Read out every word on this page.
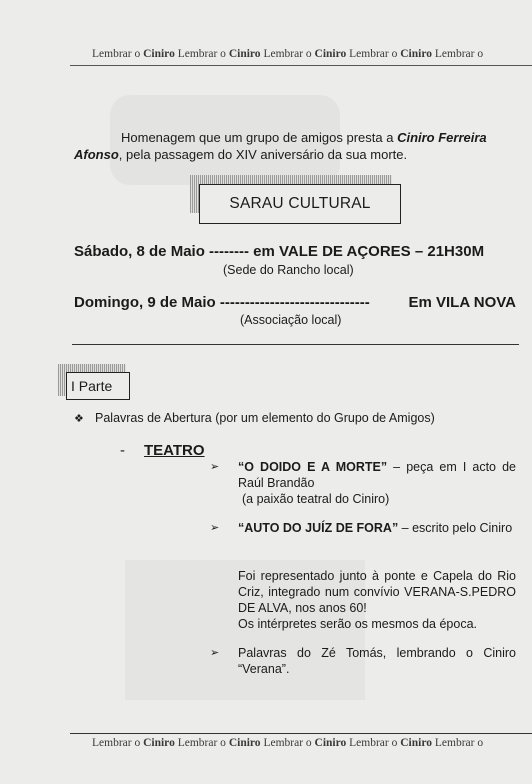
Lembrar o Ciniro Lembrar o Ciniro Lembrar o Ciniro Lembrar o Ciniro Lembrar o
Homenagem que um grupo de amigos presta a Ciniro Ferreira
Afonso, pela passagem do XIV aniversário da sua morte.
SARAU CULTURAL
Sábado, 8 de Maio -------- em VALE DE AÇORES – 21H30M
(Sede do Rancho local)
Domingo, 9 de Maio ------------------------------	Em VILA NOVA
(Associação local)
I Parte
❖ Palavras de Abertura (por um elemento do Grupo de Amigos)
- TEATRO
➢ “O DOIDO E A MORTE” – peça em I acto de Raúl Brandão
(a paixão teatral do Ciniro)
➢ “AUTO DO JUÍZ DE FORA” – escrito pelo Ciniro
Foi representado junto à ponte e Capela do Rio Criz, integrado num convívio VERANA-S.PEDRO DE ALVA, nos anos 60!
Os intérpretes serão os mesmos da época.
➢ Palavras do Zé Tomás, lembrando o Ciniro “Verana”.
Lembrar o Ciniro Lembrar o Ciniro Lembrar o Ciniro Lembrar o Ciniro Lembrar o
